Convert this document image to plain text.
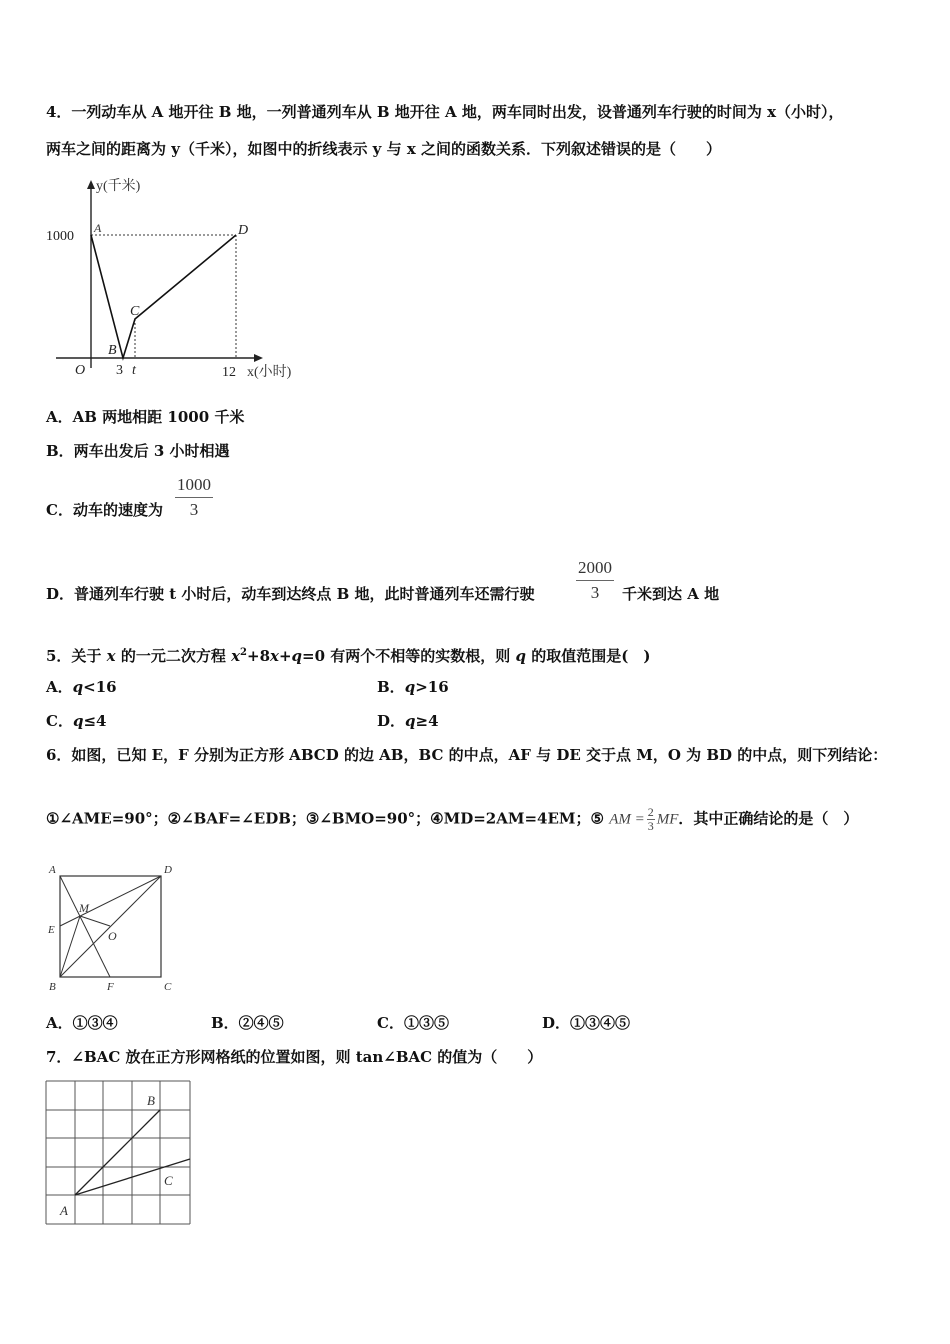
4．一列动车从 A 地开往 B 地，一列普通列车从 B 地开往 A 地，两车同时出发，设普通列车行驶的时间为 x（小时），
两车之间的距离为 y（千米），如图中的折线表示 y 与 x 之间的函数关系．下列叙述错误的是（　　）
y(千米)
1000
A	D
C
B
O 3 t	12 x(小时)
A．AB 两地相距 1000 千米
B．两车出发后 3 小时相遇
C．动车的速度为 $\frac{1000}{3}$
D．普通列车行驶 t 小时后，动车到达终点 B 地，此时普通列车还需行驶 $\frac{2000}{3}$ 千米到达 A 地
5．关于 x 的一元二次方程 $x^2+8x+q=0$ 有两个不相等的实数根，则 q 的取值范围是(　)
A．q<16	B．q>16
C．q≤4	D．q≥4
6．如图，已知 E，F 分别为正方形 ABCD 的边 AB，BC 的中点，AF 与 DE 交于点 M，O 为 BD 的中点，则下列结论：
①∠AME=90°；②∠BAF=∠EDB；③∠BMO=90°；④MD=2AM=4EM；⑤ AM = $\frac{2}{3}$ MF．其中正确结论的是（　）
A	D
M
E	O
B	F	C
A．①③④	B．②④⑤	C．①③⑤	D．①③④⑤
7．∠BAC 放在正方形网格纸的位置如图，则 tan∠BAC 的值为（　　）
B
C
A
